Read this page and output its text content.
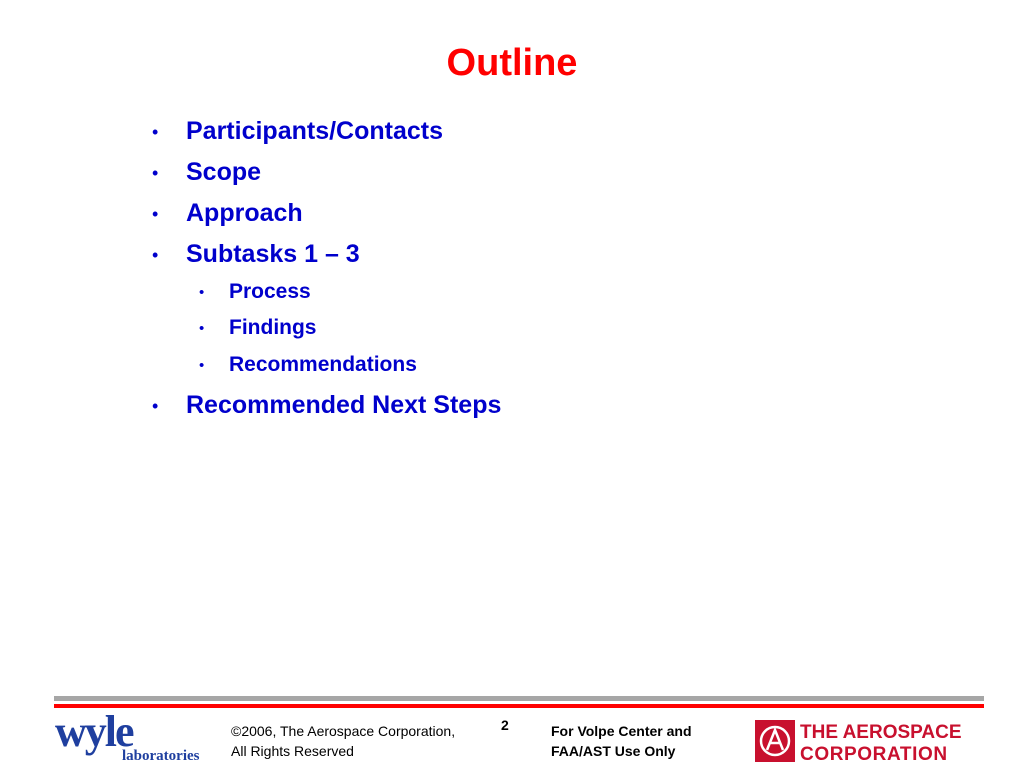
Outline
• Participants/Contacts
• Scope
• Approach
• Subtasks 1 – 3
• Process
• Findings
• Recommendations
• Recommended Next Steps
wyle
laboratories
©2006, The Aerospace Corporation,
All Rights Reserved
2	For Volpe Center and
FAA/AST Use Only
THE AEROSPACE
CORPORATION
